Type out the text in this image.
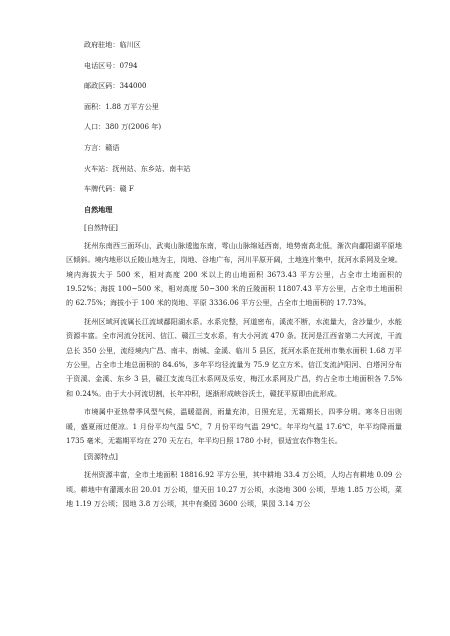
政府驻地：临川区
电话区号：0794
邮政区码：344000
面积：1.88 万平方公里
人口：380 万(2006 年)
方言：赣语
火车站：抚州站、东乡站、南丰站
车牌代码：赣 F
自然地理
[自然特征]

抚州东南西三面环山，武夷山脉逶迤东南，雩山山脉绵延西南，地势南高北低，渐次向鄱阳湖平原地区倾斜。境内地形以丘陵山地为主，岗地、谷地广布，河川平原开阔，土地连片集中，抚河水系网及全境。境内海拔大于 500 米，相对高度 200 米以上的山地面积 3673.43 平方公里，占全市土地面积的 19.52%；海拔 100~500 米，相对高度 50~300 米的丘陵面积 11807.43 平方公里，占全市土地面积的 62.75%；海拔小于 100 米的岗地、平原 3336.06 平方公里，占全市土地面积的 17.73%。

抚州区域河流属长江流域鄱阳湖水系。水系完整，河道密布，溪流不断，水流量大，含沙量少，水能资源丰富。全市河流分抚河、信江、赣江三支水系，有大小河流 470 条。抚河是江西省第二大河流，干流总长 350 公里，流经境内广昌、南丰、南城、金溪、临川 5 县区，抚河水系在抚州市集水面积 1.68 万平方公里，占全市土地总面积的 84.6%，多年平均径流量为 75.9 亿立方米。信江支流泸阳河、白塔河分布于资溪、金溪、东乡 3 县，赣江支流乌江水系网及乐安，梅江水系网及广昌，约占全市土地面积各 7.5%和 0.24%。由于大小河流切割，长年冲积，逐渐形成峡谷沃土，赣抚平原即由此形成。

市境属中亚热带季风型气候，温暖湿润，雨量充沛，日照充足，无霜期长，四季分明。寒冬日出则暖，盛夏雨过便凉。1 月份平均气温 5℃，7 月份平均气温 29℃。年平均气温 17.6℃，年平均降雨量 1735 毫米，无霜期平均在 270 天左右，年平均日照 1780 小时，很适宜农作物生长。

[资源特点]

抚州资源丰富，全市土地面积 18816.92 平方公里，其中耕地 33.4 万公顷，人均占有耕地 0.09 公顷。耕地中有灌溉水田 20.01 万公顷，望天田 10.27 万公顷，水浇地 300 公顷，旱地 1.85 万公顷，菜地 1.19 万公顷；园地 3.8 万公顷，其中有桑园 3600 公顷，果园 3.14 万公
